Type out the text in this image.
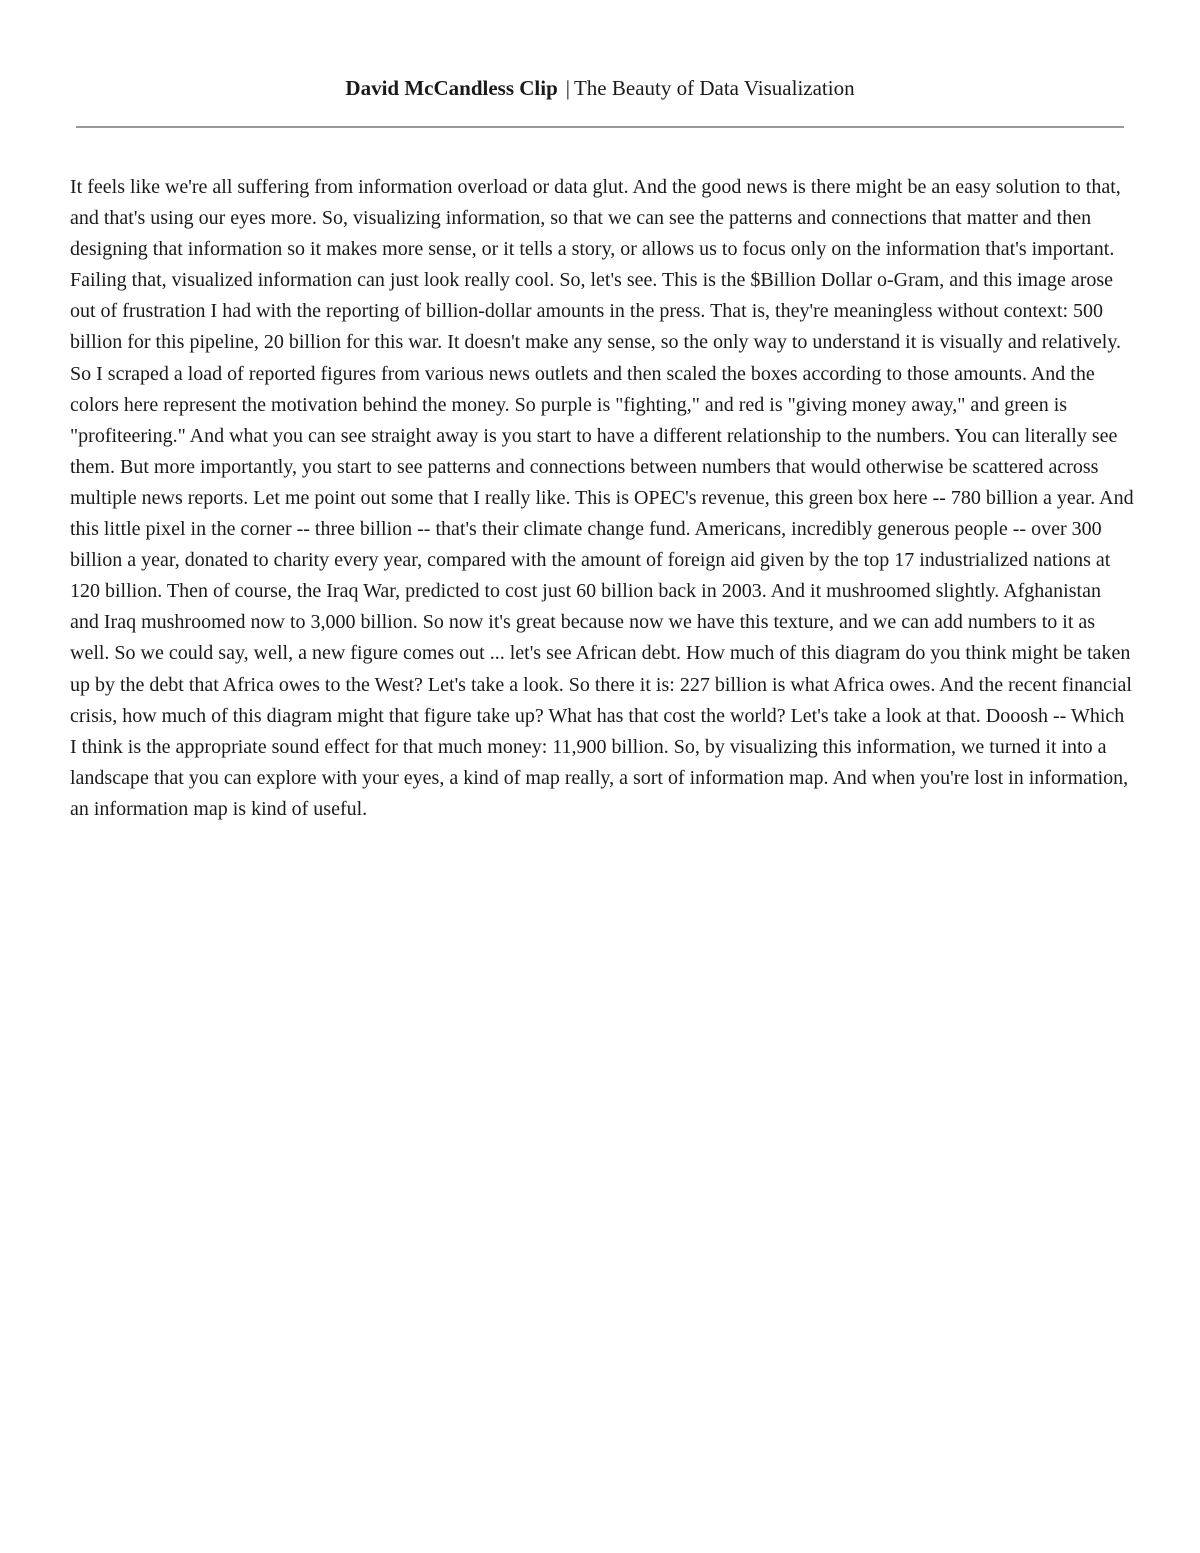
David McCandless Clip | The Beauty of Data Visualization

It feels like we're all suffering from information overload or data glut. And the good news is there might be an easy solution to that, and that's using our eyes more. So, visualizing information, so that we can see the patterns and connections that matter and then designing that information so it makes more sense, or it tells a story, or allows us to focus only on the information that's important. Failing that, visualized information can just look really cool. So, let's see. This is the $Billion Dollar o-Gram, and this image arose out of frustration I had with the reporting of billion-dollar amounts in the press. That is, they're meaningless without context: 500 billion for this pipeline, 20 billion for this war. It doesn't make any sense, so the only way to understand it is visually and relatively. So I scraped a load of reported figures from various news outlets and then scaled the boxes according to those amounts. And the colors here represent the motivation behind the money. So purple is "fighting," and red is "giving money away," and green is "profiteering." And what you can see straight away is you start to have a different relationship to the numbers. You can literally see them. But more importantly, you start to see patterns and connections between numbers that would otherwise be scattered across multiple news reports. Let me point out some that I really like. This is OPEC's revenue, this green box here -- 780 billion a year. And this little pixel in the corner -- three billion -- that's their climate change fund. Americans, incredibly generous people -- over 300 billion a year, donated to charity every year, compared with the amount of foreign aid given by the top 17 industrialized nations at 120 billion. Then of course, the Iraq War, predicted to cost just 60 billion back in 2003. And it mushroomed slightly. Afghanistan and Iraq mushroomed now to 3,000 billion. So now it's great because now we have this texture, and we can add numbers to it as well. So we could say, well, a new figure comes out ... let's see African debt. How much of this diagram do you think might be taken up by the debt that Africa owes to the West? Let's take a look. So there it is: 227 billion is what Africa owes. And the recent financial crisis, how much of this diagram might that figure take up? What has that cost the world? Let's take a look at that. Dooosh -- Which I think is the appropriate sound effect for that much money: 11,900 billion. So, by visualizing this information, we turned it into a landscape that you can explore with your eyes, a kind of map really, a sort of information map. And when you're lost in information, an information map is kind of useful.
